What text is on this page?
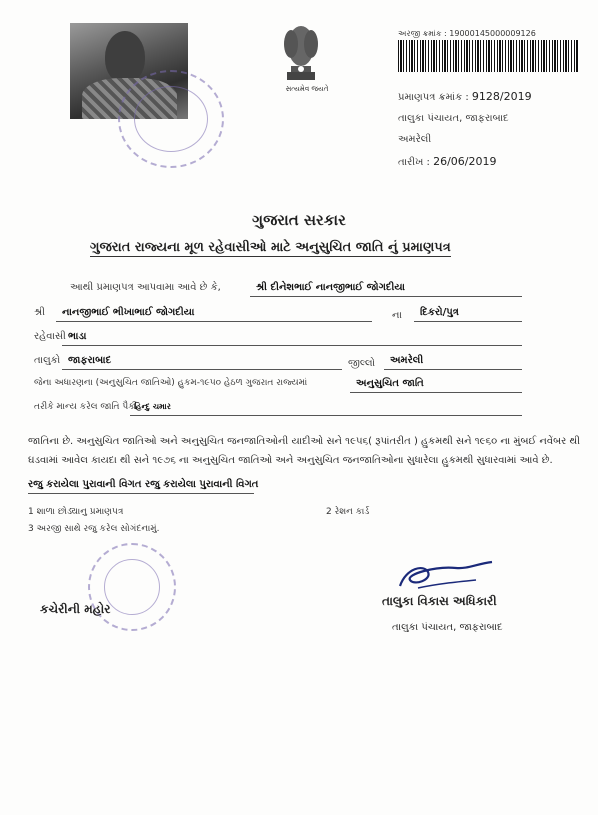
સત્યમેવ જયતે
અરજી ક્રમાંક : 19000145000009126
પ્રમાણપત્ર ક્રમાંક : 9128/2019
તાલુકા પંચાયત, જાફરાબાદ
અમરેલી
તારીખ : 26/06/2019
ગુજરાત સરકાર
ગુજરાત રાજ્યના મૂળ રહેવાસીઓ માટે અનુસુચિત જાતિ નું પ્રમાણપત્ર
આથી પ્રમાણપત્ર આપવામા આવે છે કે,	શ્રી દીનેશભાઈ નાનજીભાઈ જોગદીયા
શ્રી નાનજીભાઈ ભીખાભાઈ જોગદીયા	ના દિકરો/પુત્ર
રહેવાસી ભાડા
તાલુકો જાફરાબાદ	જીલ્લો અમરેલી
જેના અધારણના (અનુસુચિત જાતિઓ) હુકમ-૧૯૫૦ હેઠળ ગુજરાત રાજ્યમાં	અનુસુચિત જાતિ
તરીકે માન્ય કરેલ જાતિ પૈકી
હિન્દુ ચમાર
જાતિના છે. અનુસુચિત જાતિઓ અને અનુસુચિત જનજાતિઓની યાદીઓ સને ૧૯૫૬( રૂપાંતરીત ) હુકમથી સને ૧૯૬૦ ના મુંબઈ નવેંબર થી ઘડવામાં આવેલ કાયદા થી સને ૧૯૭૬ ના અનુસુચિત જાતિઓ અને અનુસુચિત જનજાતિઓના સુધારેલા હુકમથી સુધારવામાં આવે છે.
રજુ કરાયેલા પુરાવાની વિગત રજુ કરાયેલા પુરાવાની વિગત
1 શાળા છોડ્યાનુ પ્રમાણપત્ર	2 રેશન કાર્ડ
3 અરજી સાથે રજુ કરેલ સોગંદનામું.
કચેરીની મહોર
તાલુકા વિકાસ અધિકારી
તાલુકા પંચાયત, જાફરાબાદ
